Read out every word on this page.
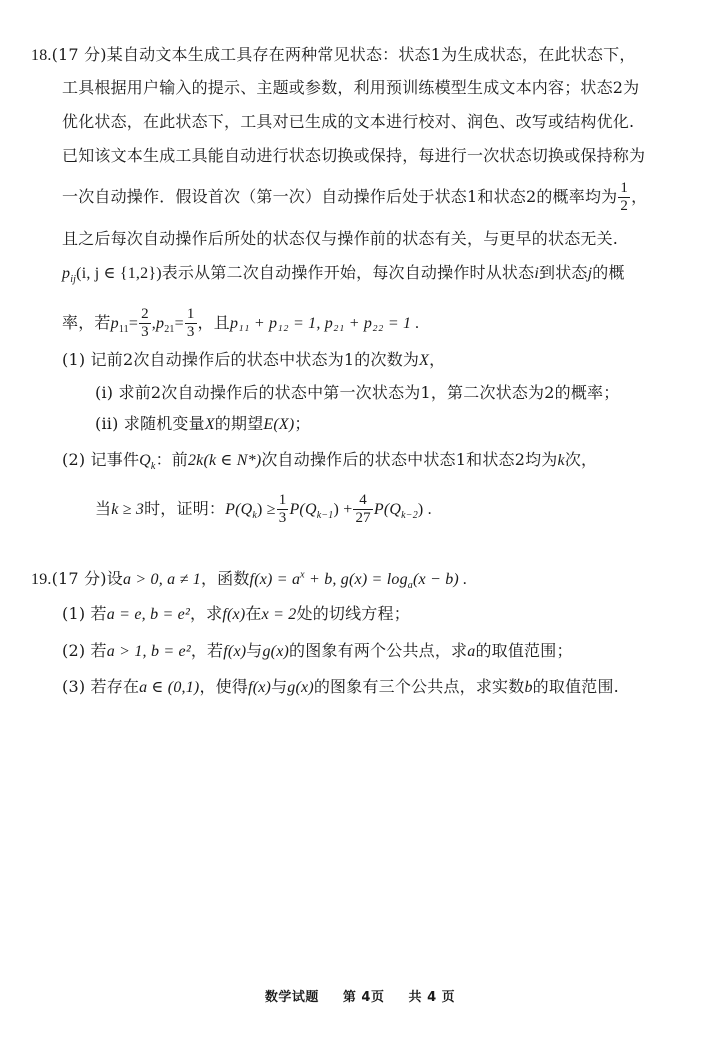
18.(17 分)某自动文本生成工具存在两种常见状态：状态1为生成状态，在此状态下，
工具根据用户输入的提示、主题或参数，利用预训练模型生成文本内容；状态2为
优化状态，在此状态下，工具对已生成的文本进行校对、润色、改写或结构优化.
已知该文本生成工具能自动进行状态切换或保持，每进行一次状态切换或保持称为
一次自动操作．假设首次（第一次）自动操作后处于状态1和状态2的概率均为 $\frac{1}{2}$ ，
且之后每次自动操作后所处的状态仅与操作前的状态有关，与更早的状态无关.
$p_{ij}(i$, j ∈ {1,2})表示从第二次自动操作开始，每次自动操作时从状态i到状态j的概
率，若$p_{11}= \frac{2}{3} ,p_{21}= \frac{1}{3}$ ，且p₁₁ + p₁₂ = 1, p₂₁ + p₂₂ = 1 .
(1) 记前2次自动操作后的状态中状态为1的次数为X，
(i) 求前2次自动操作后的状态中第一次状态为1，第二次状态为2的概率；
(ii) 求随机变量X的期望E(X)；
(2) 记事件$Q_k$：前2k(k ∈ N*)次自动操作后的状态中状态1和状态2均为k次，
当k ≥ 3时，证明：$P(Q_k) \ge \frac{1}{3} P(Q_{k-1}) + \frac{4}{27} P(Q_{k-2})$ .
19.(17 分)设a > 0, a ≠ 1，函数$f(x) = a^x + b$, $g(x) = \log_a(x - b)$ .
(1) 若a = e, b = e²，求f(x)在x = 2处的切线方程；
(2) 若a > 1, b = e²，若f(x)与g(x)的图象有两个公共点，求a的取值范围；
(3) 若存在a ∈ (0,1)，使得f(x)与g(x)的图象有三个公共点，求实数b的取值范围.
数学试题 第 4页 共 4 页
